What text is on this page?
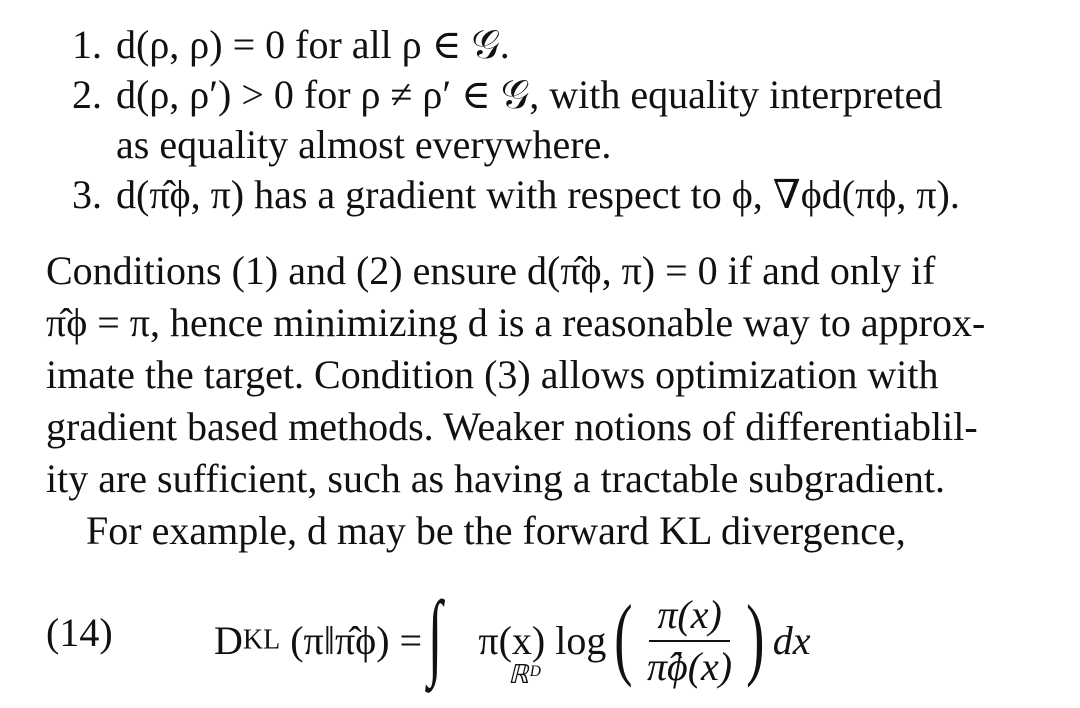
1. d(ρ, ρ) = 0 for all ρ ∈ 𝒢.
2. d(ρ, ρ′) > 0 for ρ ≠ ρ′ ∈ 𝒢, with equality interpreted
as equality almost everywhere.
3. d(π̂ϕ, π) has a gradient with respect to ϕ, ∇ϕd(πϕ, π).
Conditions (1) and (2) ensure d(π̂ϕ, π) = 0 if and only if
π̂ϕ = π, hence minimizing d is a reasonable way to approx-
imate the target. Condition (3) allows optimization with
gradient based methods. Weaker notions of differentiablil-
ity are sufficient, such as having a tractable subgradient.
For example, d may be the forward KL divergence,
(14)	DKL (π‖π̂ϕ) = ∫ π(x) log ( $\frac{\pi(x)}{\pî\phi(x)}$ ) dx
ℝᴰ
